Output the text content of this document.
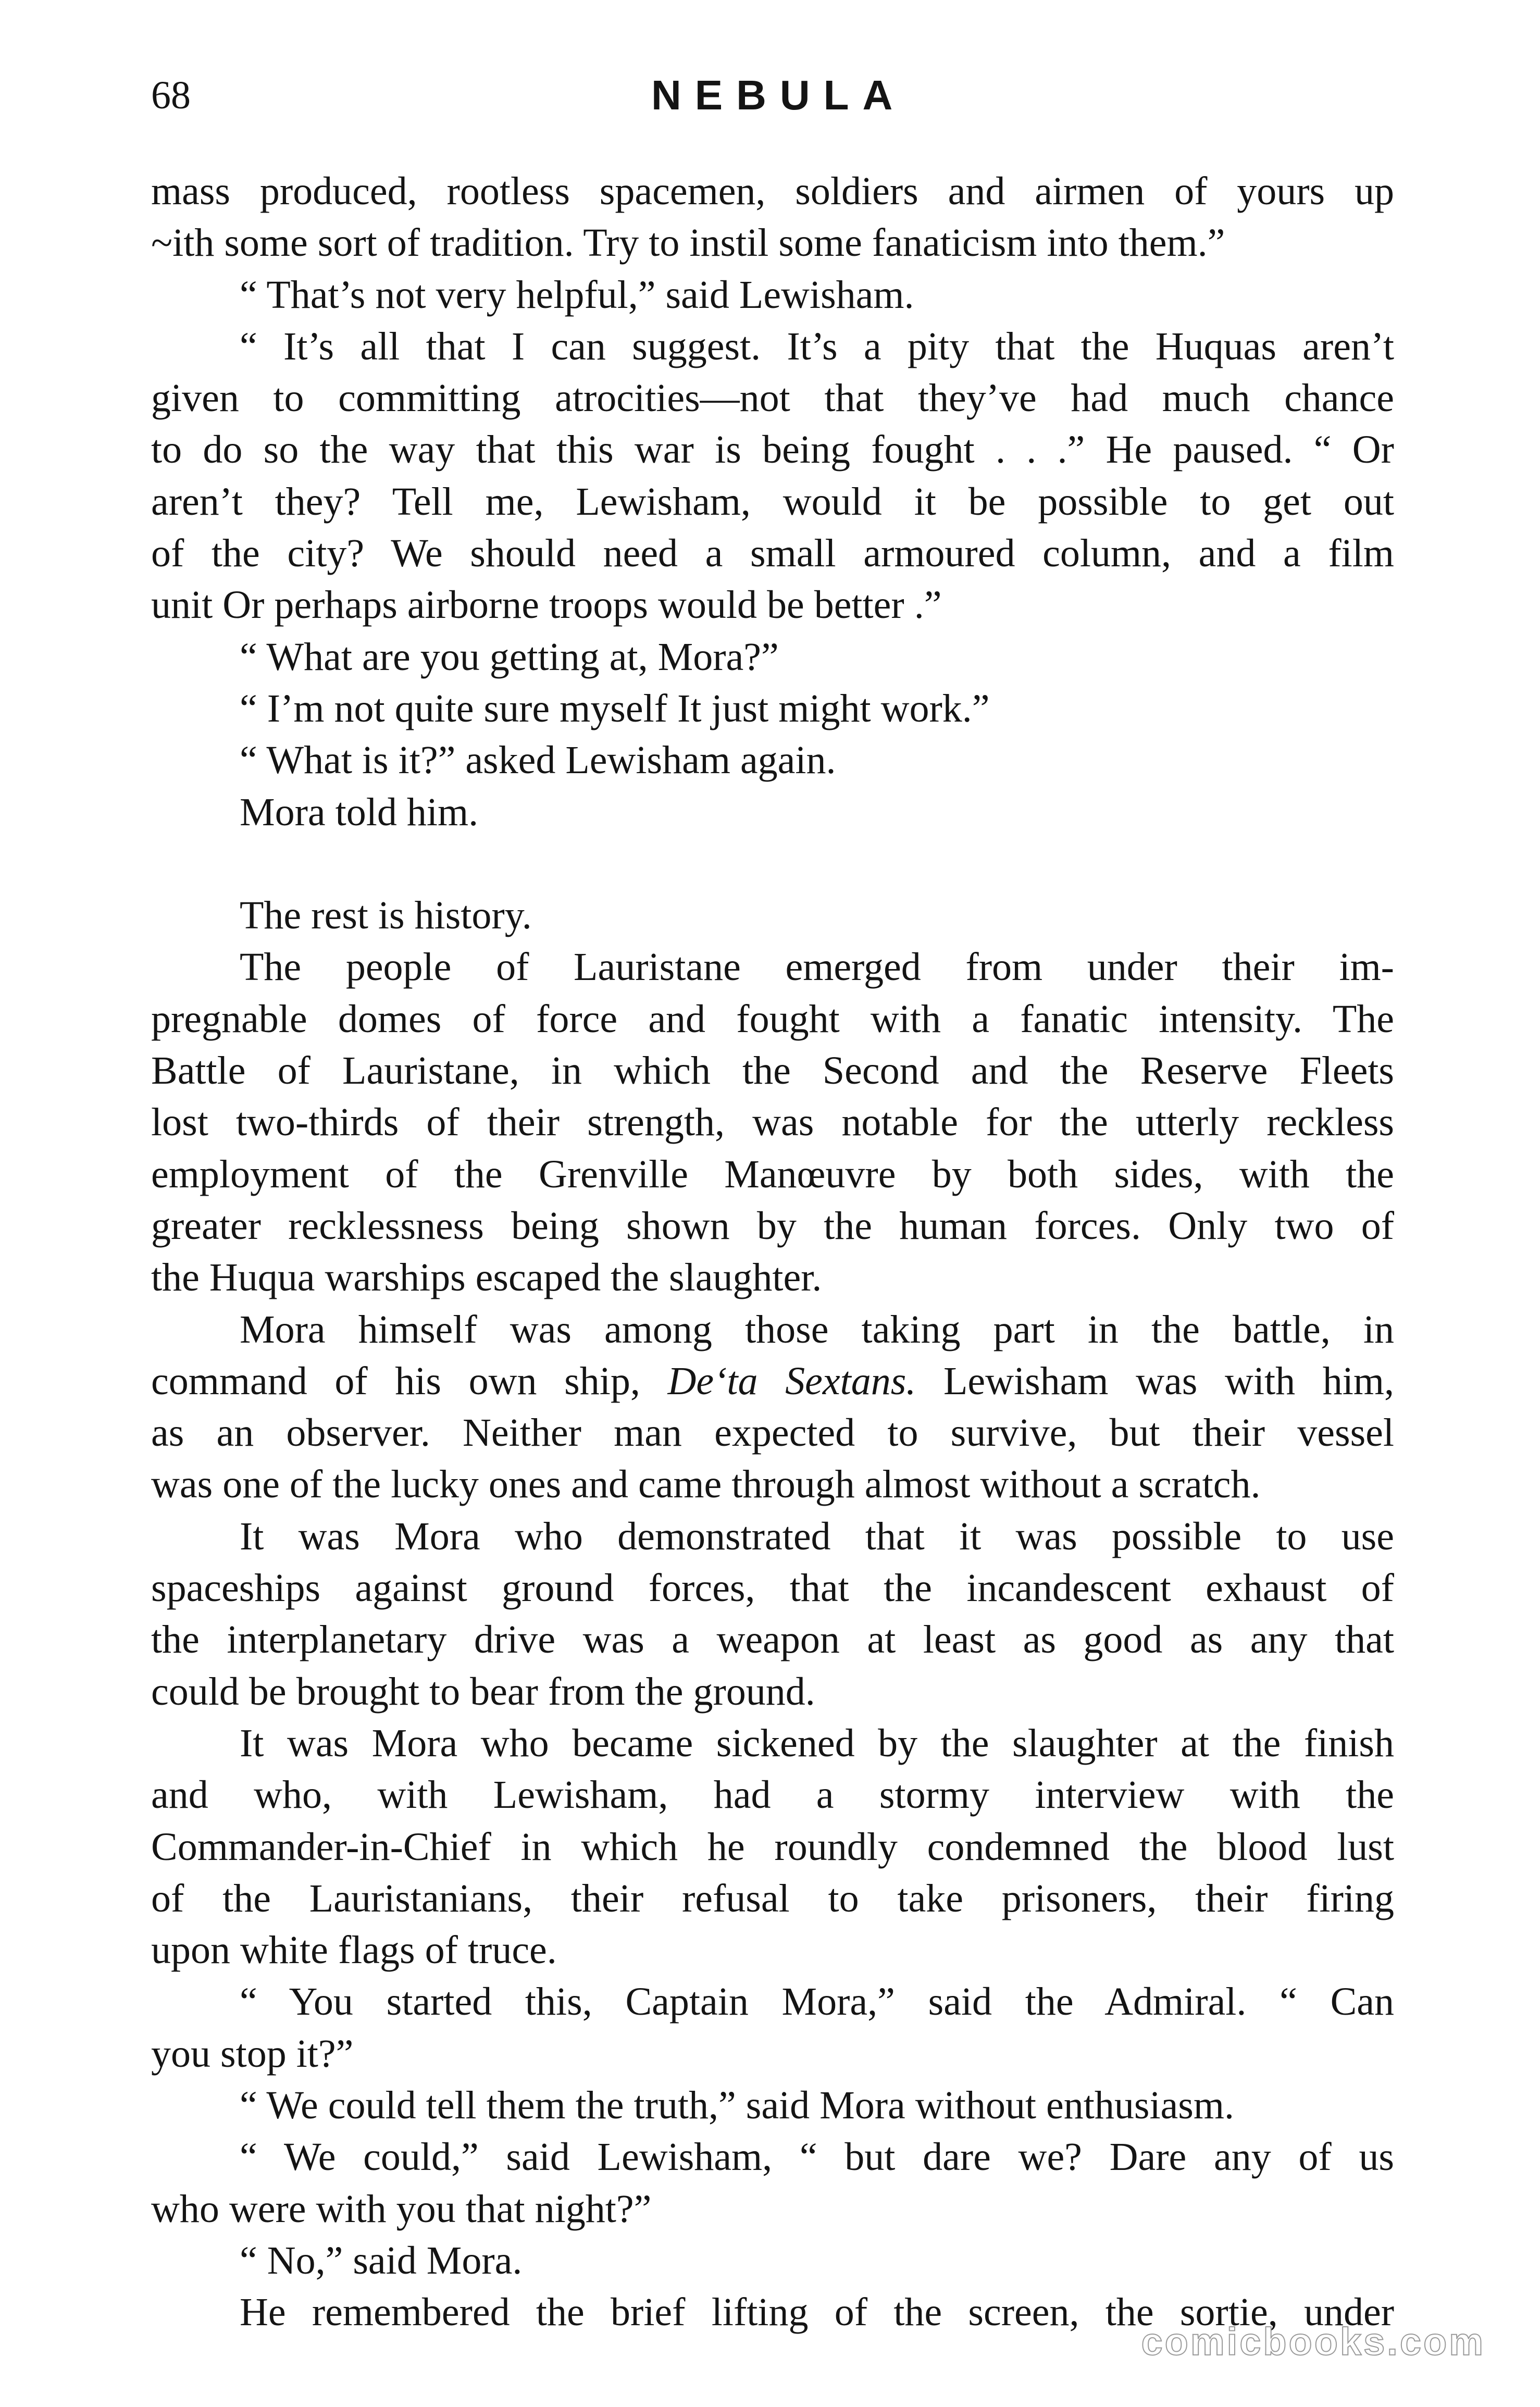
68	NEBULA
mass produced, rootless spacemen, soldiers and airmen of yours up
~ith some sort of tradition. Try to instil some fanaticism into them.”
“ That’s not very helpful,” said Lewisham.
“ It’s all that I can suggest. It’s a pity that the Huquas aren’t
given to committing atrocities—not that they’ve had much chance
to do so the way that this war is being fought . . .” He paused. “ Or
aren’t they? Tell me, Lewisham, would it be possible to get out
of the city? We should need a small armoured column, and a film
unit Or perhaps airborne troops would be better .”
“ What are you getting at, Mora?”
“ I’m not quite sure myself It just might work.”
“ What is it?” asked Lewisham again.
Mora told him.
The rest is history.
The people of Lauristane emerged from under their im-
pregnable domes of force and fought with a fanatic intensity. The
Battle of Lauristane, in which the Second and the Reserve Fleets
lost two-thirds of their strength, was notable for the utterly reckless
employment of the Grenville Manœuvre by both sides, with the
greater recklessness being shown by the human forces. Only two of
the Huqua warships escaped the slaughter.
Mora himself was among those taking part in the battle, in
command of his own ship, De‘ta Sextans. Lewisham was with him,
as an observer. Neither man expected to survive, but their vessel
was one of the lucky ones and came through almost without a scratch.
It was Mora who demonstrated that it was possible to use
spaceships against ground forces, that the incandescent exhaust of
the interplanetary drive was a weapon at least as good as any that
could be brought to bear from the ground.
It was Mora who became sickened by the slaughter at the finish
and who, with Lewisham, had a stormy interview with the
Commander-in-Chief in which he roundly condemned the blood lust
of the Lauristanians, their refusal to take prisoners, their firing
upon white flags of truce.
“ You started this, Captain Mora,” said the Admiral. “ Can
you stop it?”
“ We could tell them the truth,” said Mora without enthusiasm.
“ We could,” said Lewisham, “ but dare we? Dare any of us
who were with you that night?”
“ No,” said Mora.
He remembered the brief lifting of the screen, the sortie, under
comicbooks.com
